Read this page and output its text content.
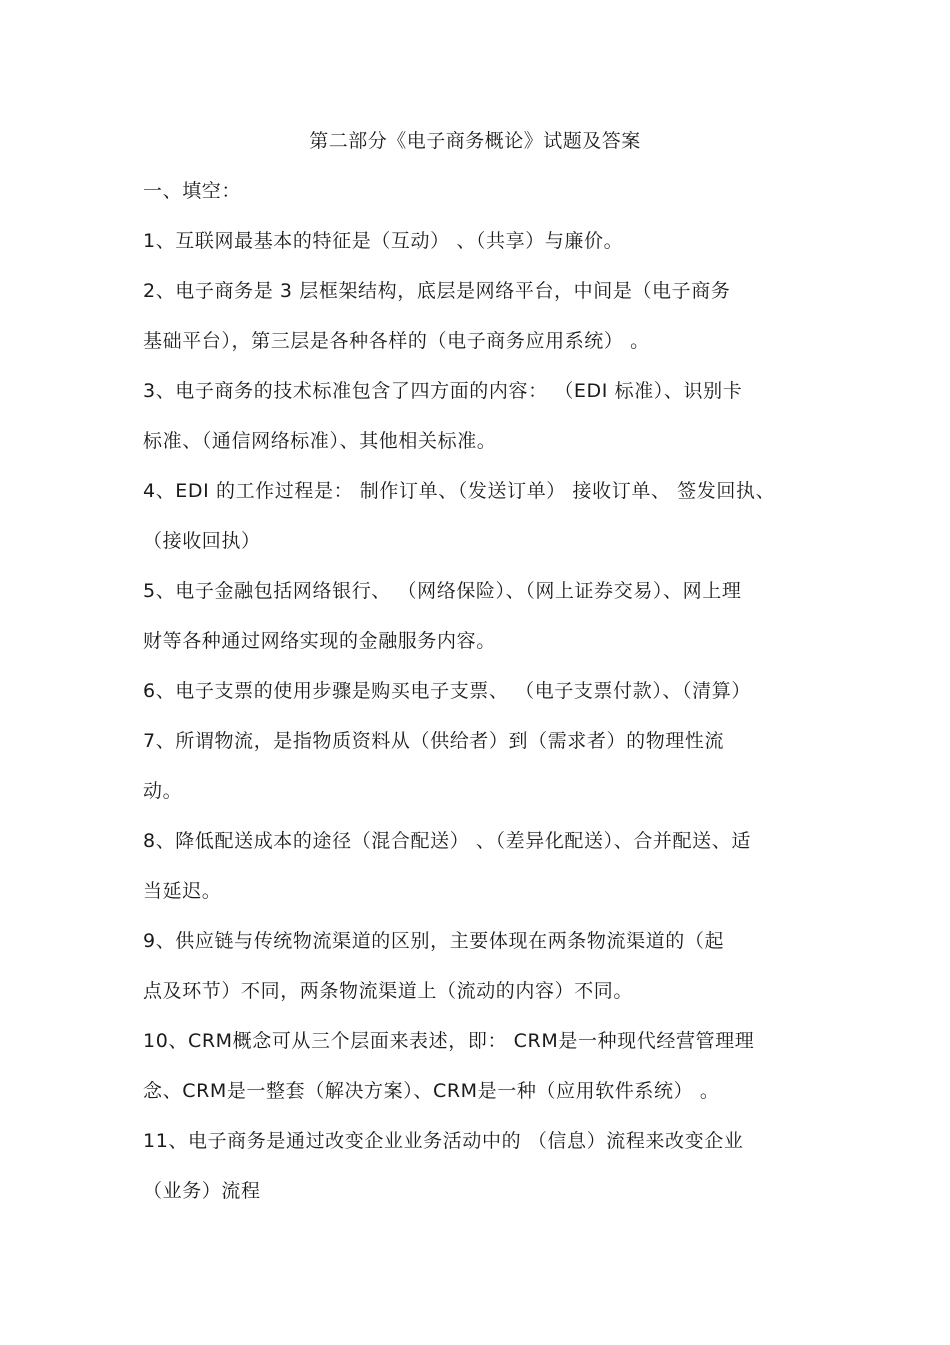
第二部分《电子商务概论》试题及答案

一、填空：

1、互联网最基本的特征是（互动） 、（共享）与廉价。

2、电子商务是 3 层框架结构，底层是网络平台，中间是（电子商务

基础平台），第三层是各种各样的（电子商务应用系统） 。

3、电子商务的技术标准包含了四方面的内容： （EDI 标准）、识别卡

标准、（通信网络标准）、其他相关标准。

4、EDI 的工作过程是： 制作订单、（发送订单） 接收订单、 签发回执、

（接收回执）

5、电子金融包括网络银行、 （网络保险）、（网上证券交易）、网上理

财等各种通过网络实现的金融服务内容。

6、电子支票的使用步骤是购买电子支票、 （电子支票付款）、（清算）

7、所谓物流，是指物质资料从（供给者）到（需求者）的物理性流

动。

8、降低配送成本的途径（混合配送） 、（差异化配送）、合并配送、适

当延迟。

9、供应链与传统物流渠道的区别，主要体现在两条物流渠道的（起

点及环节）不同，两条物流渠道上（流动的内容）不同。

10、CRM概念可从三个层面来表述，即： CRM是一种现代经营管理理

念、CRM是一整套（解决方案）、CRM是一种（应用软件系统） 。

11、电子商务是通过改变企业业务活动中的 （信息）流程来改变企业

（业务）流程
